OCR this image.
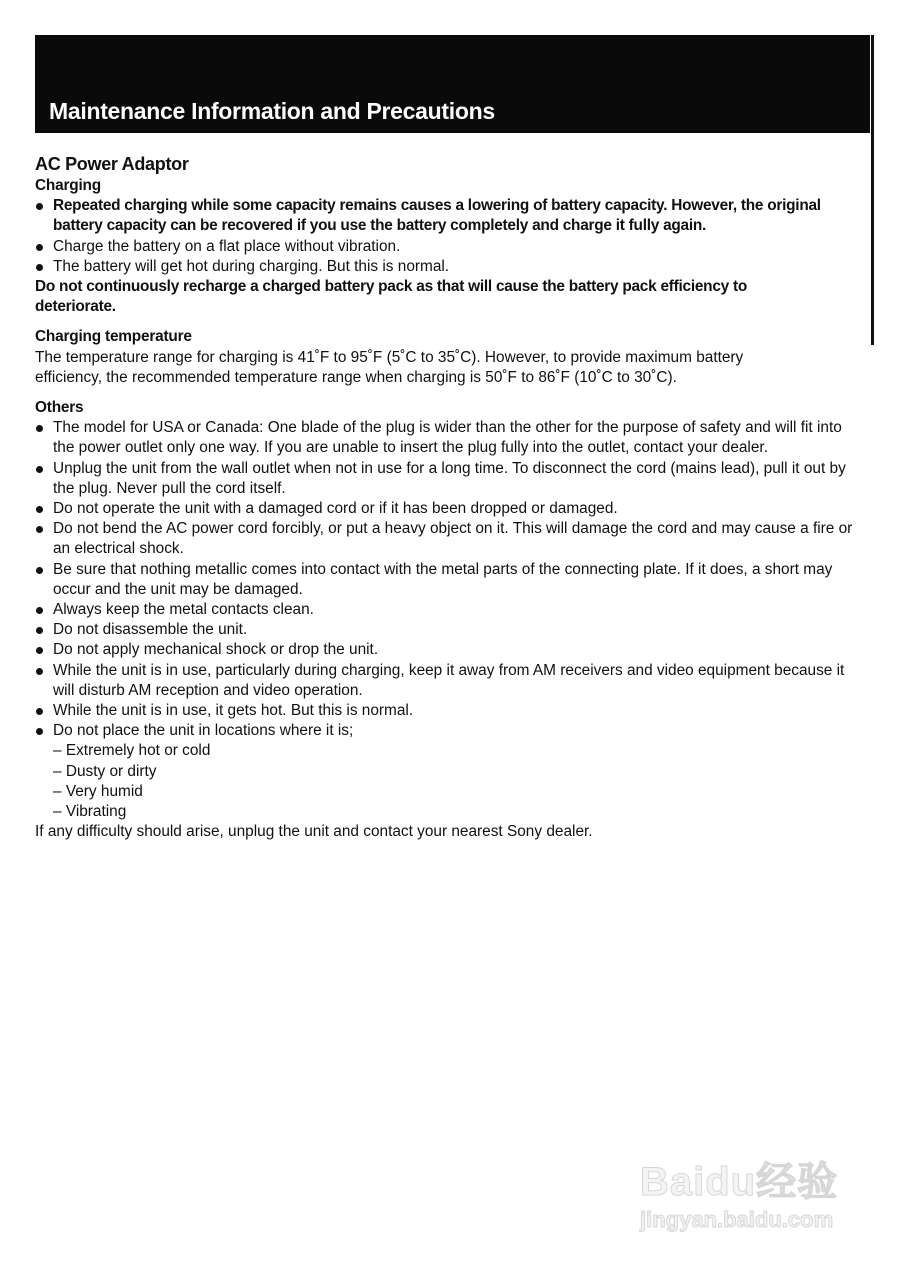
Maintenance Information and Precautions
AC Power Adaptor
Charging
Repeated charging while some capacity remains causes a lowering of battery capacity. However, the original battery capacity can be recovered if you use the battery completely and charge it fully again.
Charge the battery on a flat place without vibration.
The battery will get hot during charging. But this is normal.

Do not continuously recharge a charged battery pack as that will cause the battery pack efficiency to deteriorate.

Charging temperature

The temperature range for charging is 41˚F to 95˚F (5˚C to 35˚C). However, to provide maximum battery efficiency, the recommended temperature range when charging is 50˚F to 86˚F (10˚C to 30˚C).

Others
The model for USA or Canada: One blade of the plug is wider than the other for the purpose of safety and will fit into the power outlet only one way. If you are unable to insert the plug fully into the outlet, contact your dealer.
Unplug the unit from the wall outlet when not in use for a long time. To disconnect the cord (mains lead), pull it out by the plug. Never pull the cord itself.
Do not operate the unit with a damaged cord or if it has been dropped or damaged.
Do not bend the AC power cord forcibly, or put a heavy object on it. This will damage the cord and may cause a fire or an electrical shock.
Be sure that nothing metallic comes into contact with the metal parts of the connecting plate. If it does, a short may occur and the unit may be damaged.
Always keep the metal contacts clean.
Do not disassemble the unit.
Do not apply mechanical shock or drop the unit.
While the unit is in use, particularly during charging, keep it away from AM receivers and video equipment because it will disturb AM reception and video operation.
While the unit is in use, it gets hot. But this is normal.
Do not place the unit in locations where it is;
– Extremely hot or cold
– Dusty or dirty
– Very humid
– Vibrating

If any difficulty should arise, unplug the unit and contact your nearest Sony dealer.

Baidu经验
jingyan.baidu.com
